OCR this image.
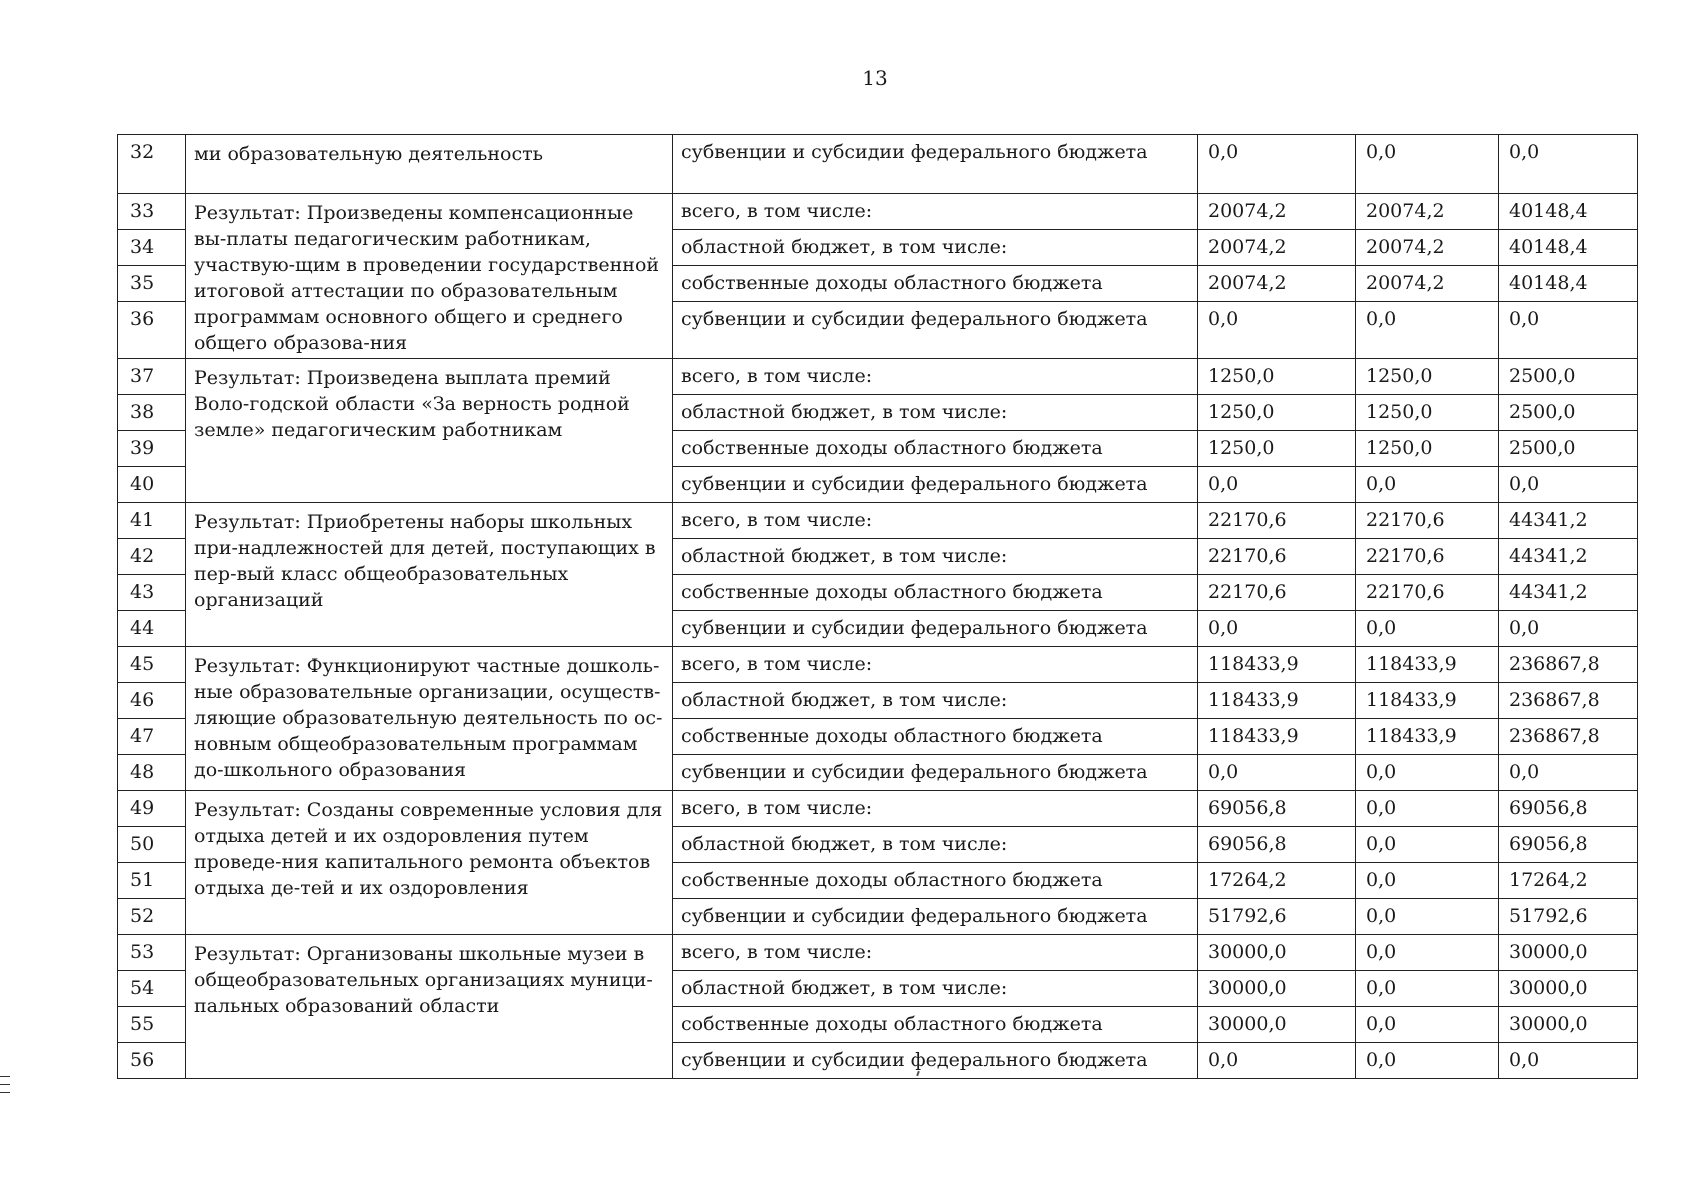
13
32	ми образовательную деятельность	субвенции и субсидии федерального бюджета	0,0	0,0	0,0
33	Результат: Произведены компенсационные вы-платы педагогическим работникам, участвую-щим в проведении государственной итоговой аттестации по образовательным программам основного общего и среднего общего образова-ния	всего, в том числе:	20074,2	20074,2	40148,4
34		областной бюджет, в том числе:	20074,2	20074,2	40148,4
35		собственные доходы областного бюджета	20074,2	20074,2	40148,4
36		субвенции и субсидии федерального бюджета	0,0	0,0	0,0
37	Результат: Произведена выплата премий Воло-годской области «За верность родной земле» педагогическим работникам	всего, в том числе:	1250,0	1250,0	2500,0
38		областной бюджет, в том числе:	1250,0	1250,0	2500,0
39		собственные доходы областного бюджета	1250,0	1250,0	2500,0
40		субвенции и субсидии федерального бюджета	0,0	0,0	0,0
41	Результат: Приобретены наборы школьных при-надлежностей для детей, поступающих в пер-вый класс общеобразовательных организаций	всего, в том числе:	22170,6	22170,6	44341,2
42		областной бюджет, в том числе:	22170,6	22170,6	44341,2
43		собственные доходы областного бюджета	22170,6	22170,6	44341,2
44		субвенции и субсидии федерального бюджета	0,0	0,0	0,0
45	Результат: Функционируют частные дошколь-ные образовательные организации, осуществ-ляющие образовательную деятельность по ос-новным общеобразовательным программам до-школьного образования	всего, в том числе:	118433,9	118433,9	236867,8
46		областной бюджет, в том числе:	118433,9	118433,9	236867,8
47		собственные доходы областного бюджета	118433,9	118433,9	236867,8
48		субвенции и субсидии федерального бюджета	0,0	0,0	0,0
49	Результат: Созданы современные условия для отдыха детей и их оздоровления путем проведе-ния капитального ремонта объектов отдыха де-тей и их оздоровления	всего, в том числе:	69056,8	0,0	69056,8
50		областной бюджет, в том числе:	69056,8	0,0	69056,8
51		собственные доходы областного бюджета	17264,2	0,0	17264,2
52		субвенции и субсидии федерального бюджета	51792,6	0,0	51792,6
53	Результат: Организованы школьные музеи в общеобразовательных организациях муници-пальных образований области	всего, в том числе:	30000,0	0,0	30000,0
54		областной бюджет, в том числе:	30000,0	0,0	30000,0
55		собственные доходы областного бюджета	30000,0	0,0	30000,0
56		субвенции и субсидии федерального бюджета	0,0	0,0	0,0
